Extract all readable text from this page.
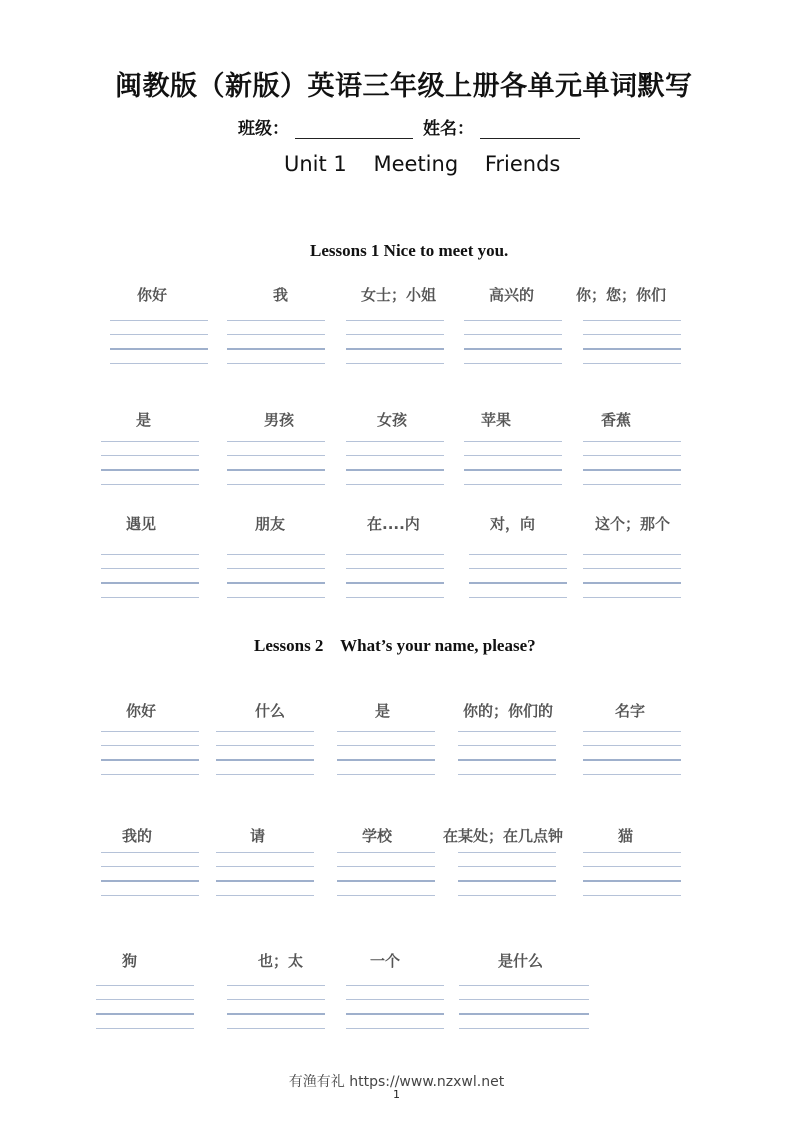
闽教版（新版）英语三年级上册各单元单词默写
班级：	姓名：
Unit 1    Meeting    Friends
Lessons 1 Nice to meet you.
你好	我	女士；小姐	高兴的	你；您；你们
是	男孩	女孩	苹果	香蕉
遇见	朋友	在....内	对，向	这个；那个
Lessons 2    What’s your name, please?
你好	什么	是	你的；你们的	名字
我的	请	学校	在某处；在几点钟	猫
狗	也；太	一个	是什么
有渔有礼 https://www.nzxwl.net
1
